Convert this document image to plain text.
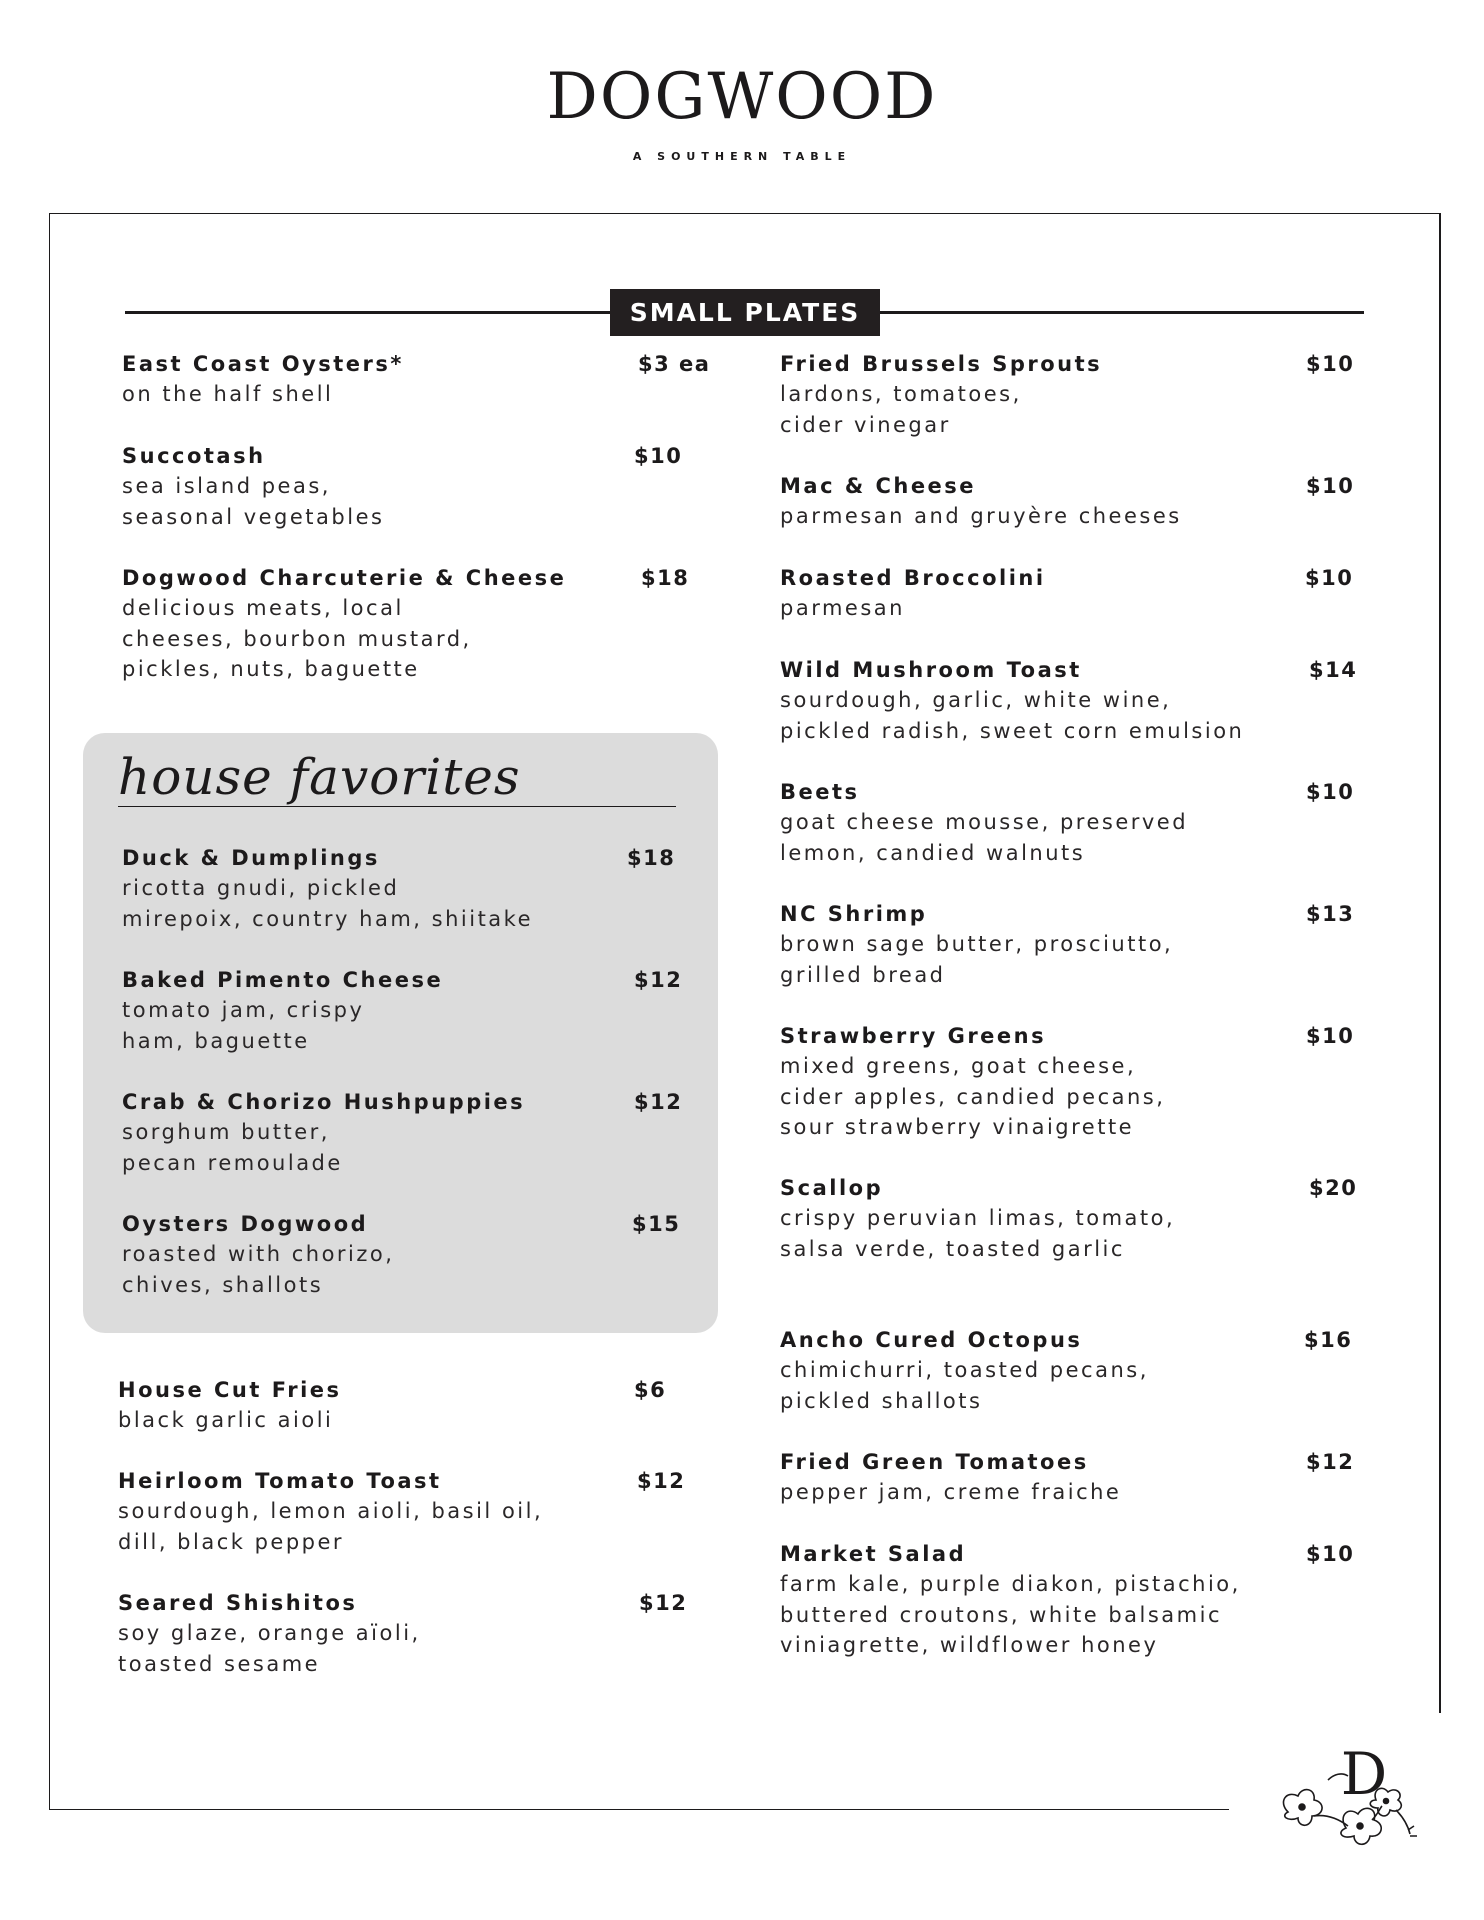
DOGWOOD
A SOUTHERN TABLE
SMALL PLATES
house favorites
East Coast Oysters*	$3 ea
on the half shell
Succotash	$10
sea island peas,
seasonal vegetables
Dogwood Charcuterie & Cheese	$18
delicious meats, local
cheeses, bourbon mustard,
pickles, nuts, baguette
Duck & Dumplings	$18
ricotta gnudi, pickled
mirepoix, country ham, shiitake
Baked Pimento Cheese	$12
tomato jam, crispy
ham, baguette
Crab & Chorizo Hushpuppies	$12
sorghum butter,
pecan remoulade
Oysters Dogwood	$15
roasted with chorizo,
chives, shallots
House Cut Fries	$6
black garlic aioli
Heirloom Tomato Toast	$12
sourdough, lemon aioli, basil oil,
dill, black pepper
Seared Shishitos	$12
soy glaze, orange aïoli,
toasted sesame
Fried Brussels Sprouts	$10
lardons, tomatoes,
cider vinegar
Mac & Cheese	$10
parmesan and gruyère cheeses
Roasted Broccolini	$10
parmesan
Wild Mushroom Toast	$14
sourdough, garlic, white wine,
pickled radish, sweet corn emulsion
Beets	$10
goat cheese mousse, preserved
lemon, candied walnuts
NC Shrimp	$13
brown sage butter, prosciutto,
grilled bread
Strawberry Greens	$10
mixed greens, goat cheese,
cider apples, candied pecans,
sour strawberry vinaigrette
Scallop	$20
crispy peruvian limas, tomato,
salsa verde, toasted garlic
Ancho Cured Octopus	$16
chimichurri, toasted pecans,
pickled shallots
Fried Green Tomatoes	$12
pepper jam, creme fraiche
Market Salad	$10
farm kale, purple diakon, pistachio,
buttered croutons, white balsamic
viniagrette, wildflower honey
D
